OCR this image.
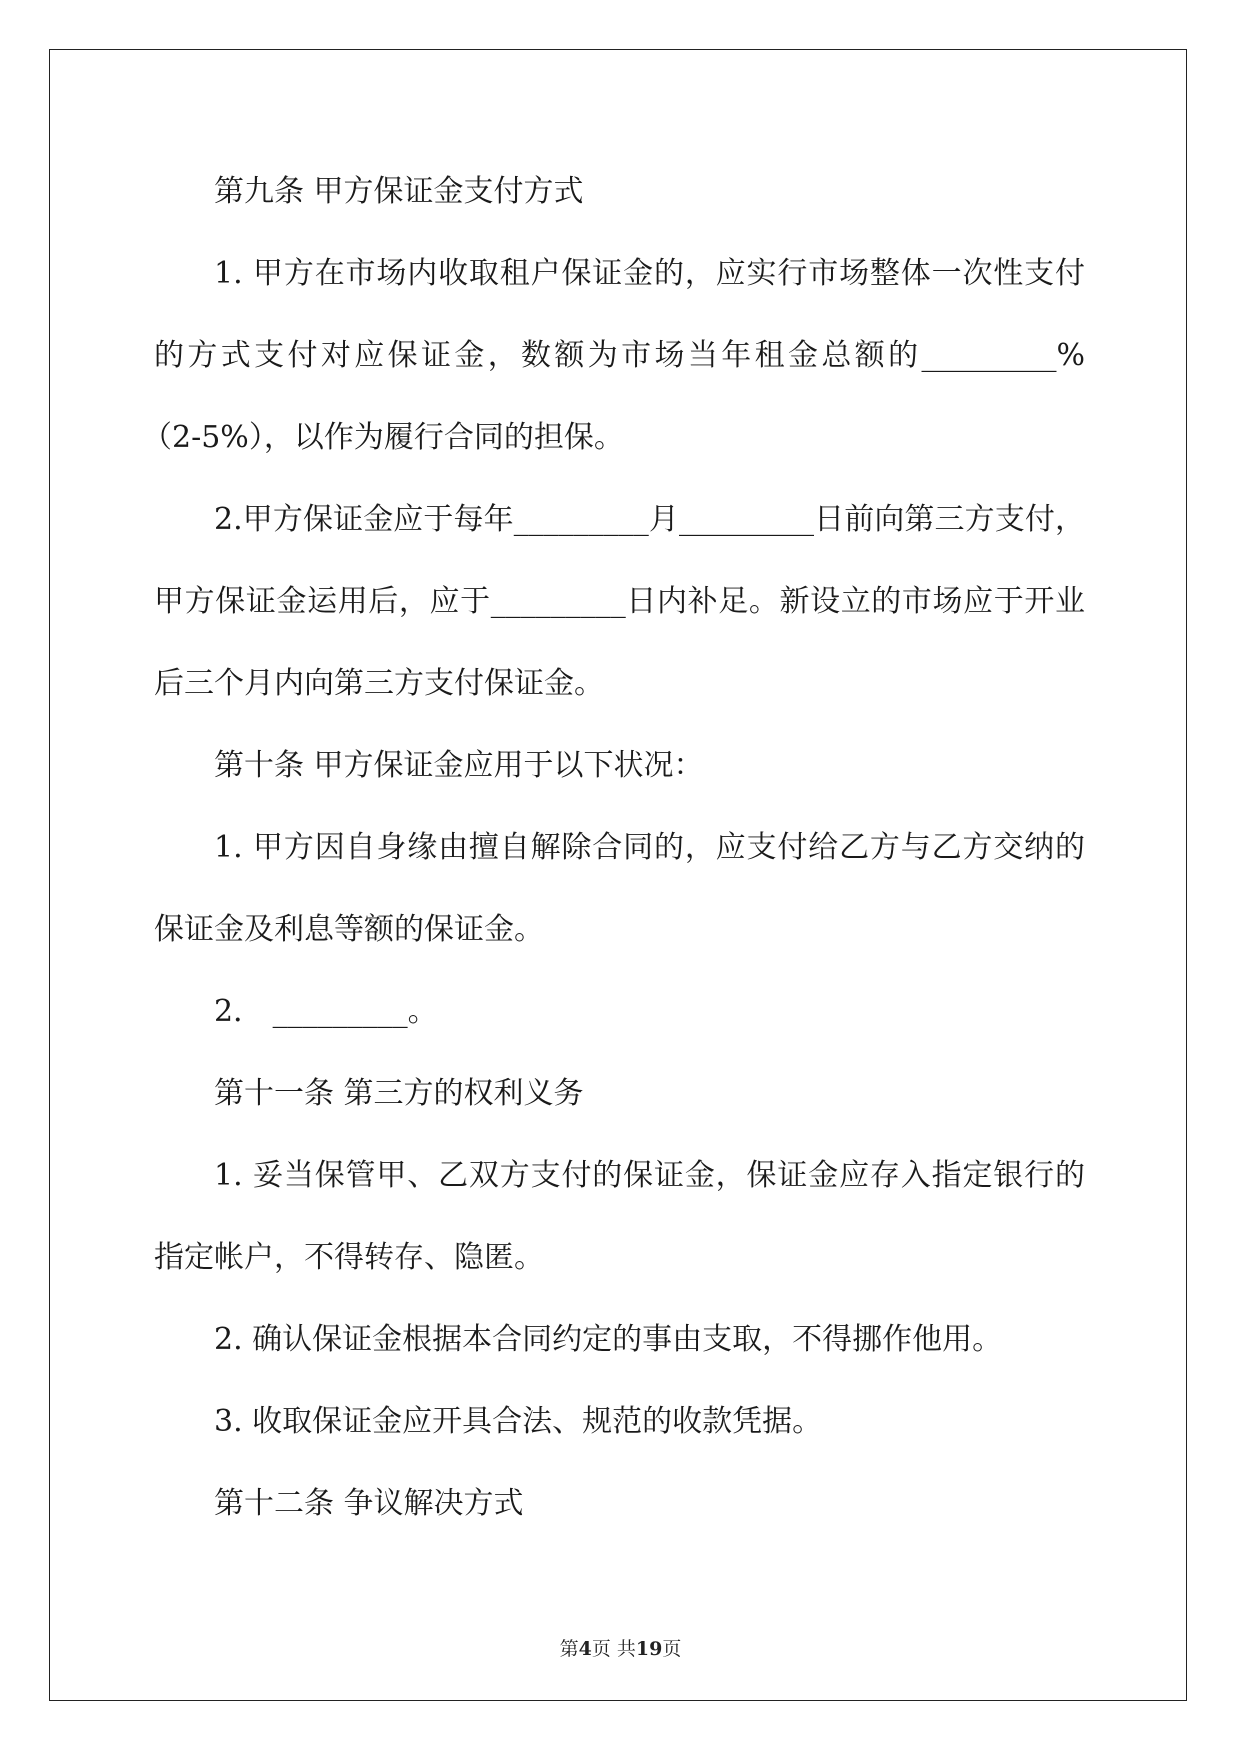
第九条 甲方保证金支付方式

1. 甲方在市场内收取租户保证金的，应实行市场整体一次性支付

的方式支付对应保证金，数额为市场当年租金总额的_________%

（2-5%），以作为履行合同的担保。

2.甲方保证金应于每年_________月_________日前向第三方支付，

甲方保证金运用后，应于_________日内补足。新设立的市场应于开业

后三个月内向第三方支付保证金。

第十条 甲方保证金应用于以下状况：

1. 甲方因自身缘由擅自解除合同的，应支付给乙方与乙方交纳的

保证金及利息等额的保证金。

2． _________。

第十一条 第三方的权利义务

1. 妥当保管甲、乙双方支付的保证金，保证金应存入指定银行的

指定帐户，不得转存、隐匿。

2. 确认保证金根据本合同约定的事由支取，不得挪作他用。

3. 收取保证金应开具合法、规范的收款凭据。

第十二条 争议解决方式

第4页 共19页
